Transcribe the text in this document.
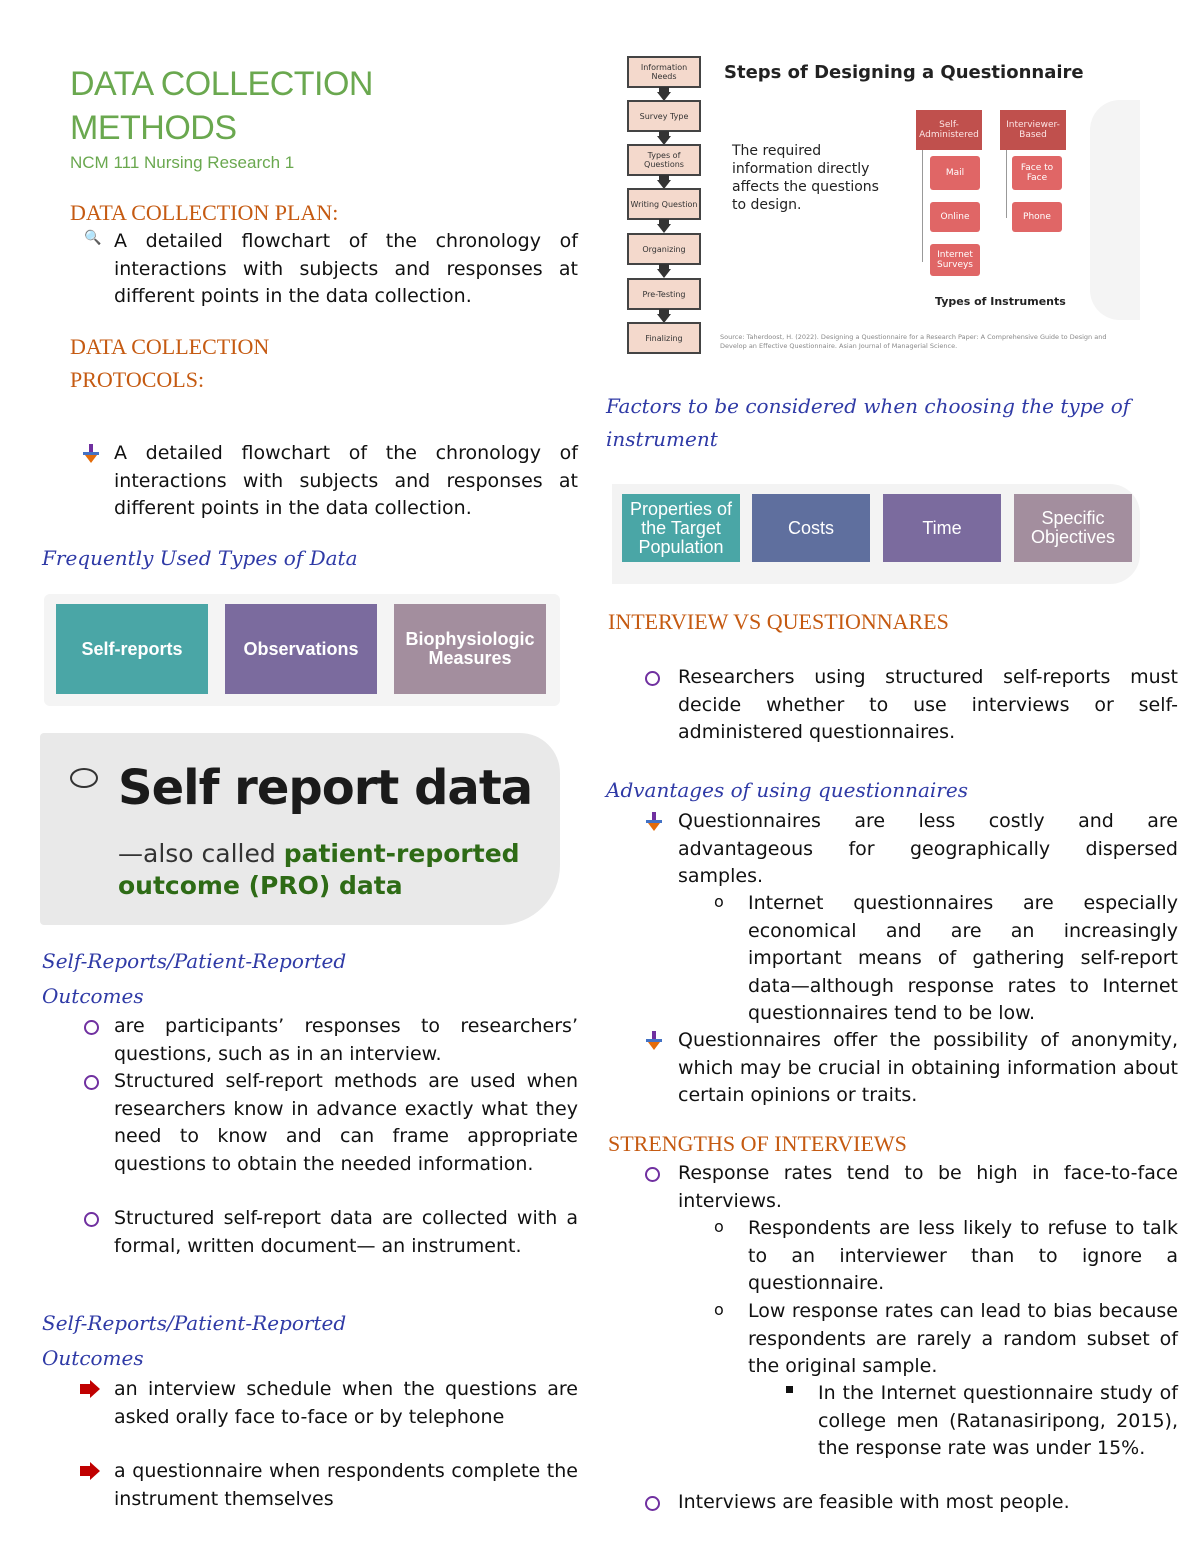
DATA COLLECTION
METHODS
NCM 111 Nursing Research 1
DATA COLLECTION PLAN:
🔍 A detailed flowchart of the chronology of interactions with subjects and responses at different points in the data collection.
DATA COLLECTION
PROTOCOLS:
A detailed flowchart of the chronology of interactions with subjects and responses at different points in the data collection.
Frequently Used Types of Data
Self-reports	Observations	Biophysiologic Measures
Self report data
—also called patient-reported
outcome (PRO) data
Self-Reports/Patient-Reported
Outcomes
are participants’ responses to researchers’ questions, such as in an interview.
Structured self-report methods are used when researchers know in advance exactly what they need to know and can frame appropriate questions to obtain the needed information.
Structured self-report data are collected with a formal, written document— an instrument.
Self-Reports/Patient-Reported
Outcomes
an interview schedule when the questions are asked orally face to-face or by telephone
a questionnaire when respondents complete the instrument themselves
Information Needs
Survey Type
Types of Questions
Writing Question
Organizing
Pre-Testing
Finalizing
Steps of Designing a Questionnaire
The required information directly affects the questions to design.
Self-Administered
Interviewer-Based
Mail
Online
Internet Surveys
Face to Face
Phone
Types of Instruments
Source: Taherdoost, H. (2022). Designing a Questionnaire for a Research Paper: A Comprehensive Guide to Design and Develop an Effective Questionnaire. Asian Journal of Managerial Science.
Factors to be considered when choosing the type of
instrument
Properties of the Target Population
Costs	Time	Specific Objectives
INTERVIEW VS QUESTIONNARES
Researchers using structured self-reports must decide whether to use interviews or self-administered questionnaires.
Advantages of using questionnaires
Questionnaires are less costly and are advantageous for geographically dispersed samples.
o Internet questionnaires are especially economical and are an increasingly important means of gathering self-report data—although response rates to Internet questionnaires tend to be low.
Questionnaires offer the possibility of anonymity, which may be crucial in obtaining information about certain opinions or traits.
STRENGTHS OF INTERVIEWS
Response rates tend to be high in face-to-face interviews.
o Respondents are less likely to refuse to talk to an interviewer than to ignore a questionnaire.
o Low response rates can lead to bias because respondents are rarely a random subset of the original sample.
In the Internet questionnaire study of college men (Ratanasiripong, 2015), the response rate was under 15%.
Interviews are feasible with most people.
